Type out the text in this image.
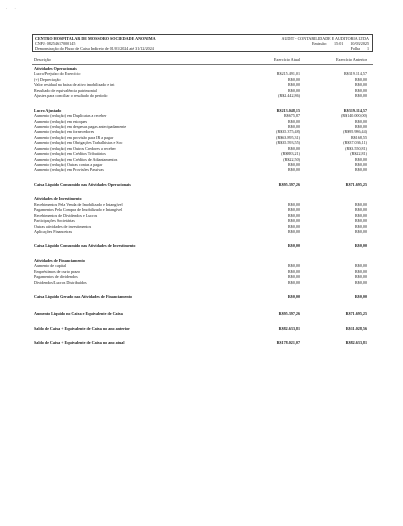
. .
CENTRO HOSPITALAR DE MOSSORO SOCIEDADE ANONIMA
CNPJ: 08254617000145
Demonstração do Fluxo de Caixa Indireto de 01/01/2024 até 31/12/2024
AUDIT - CONTABILIDADE E AUDITORIA LTDA
Emissão: 15:01 10/03/2025
Folha 1
Descrição	Exercício Atual	Exercício Anterior
Atividades Operacionais
Lucro/Prejuízo do Exercício	R$215.491,01	R$319.114,57
(+) Depreciação	R$0,00	R$0,00
Valor residual na baixa de ativo imobilizado e int	R$0,00	R$0,00
Resultado de equivalência patrimonial	R$0,00	R$0,00
Ajustes para conciliar o resultado do período	(R$2.442,86)	R$0,00
Lucro Ajustado	R$213.048,15	R$319.114,57
Aumento (redução) em Duplicatas a receber	R$675,87	(R$140.000,00)
Aumento (redução) em estoques	R$0,00	R$0,00
Aumento (redução) em despesas pagas antecipadamente	R$0,00	R$0,00
Aumento (redução) em fornecedores	(R$35.375,48)	(R$95.986,44)
Aumento (redução) em provisão para IR a pagar	(R$63.895,31)	R$168,55
Aumento (redução) em Obrigações Trabalhistas e Soc	(R$35.593,55)	(R$37.036,11)
Aumento (redução) em Outros Credores a receber	R$0,00	(R$3.550,81)
Aumento (redução) em Créditos Tributários	(R$883,21)	(R$22,81)
Aumento (redução) em Créditos de Adiantamentos	(R$22,50)	R$0,00
Aumento (redução) Outras contas a pagar	R$0,00	R$0,00
Aumento (redução) em Provisões Passivas	R$0,00	R$0,00
Caixa Líquido Consumido nas Atividades Operacionais	R$95.397,26	R$71.695,25
Atividades de Investimento
Recebimentos Pela Venda de Imobilizado e Intangível	R$0,00	R$0,00
Pagamentos Pela Compra de Imobilizado e Intangível	R$0,00	R$0,00
Recebimentos de Dividendos e Lucros	R$0,00	R$0,00
Participações Societárias	R$0,00	R$0,00
Outras atividades de investimentos	R$0,00	R$0,00
Aplicações Financeiras	R$0,00	R$0,00
Caixa Líquido Consumido nas Atividades de Investimento	R$0,00	R$0,00
Atividades de Financiamento
Aumento de capital	R$0,00	R$0,00
Empréstimos de curto prazo	R$0,00	R$0,00
Pagamentos de dividendos	R$0,00	R$0,00
Dividendos/Lucros Distribuídos	R$0,00	R$0,00
Caixa Líquido Gerado nas Atividades de Financiamento	R$0,00	R$0,00
Aumento Líquido no Caixa e Equivalente de Caixa	R$95.397,26	R$71.695,25
Saldo de Caixa + Equivalente de Caixa no ano anterior	R$82.633,81	R$11.028,56
Saldo de Caixa + Equivalente de Caixa no ano atual	R$178.021,07	R$82.633,81
